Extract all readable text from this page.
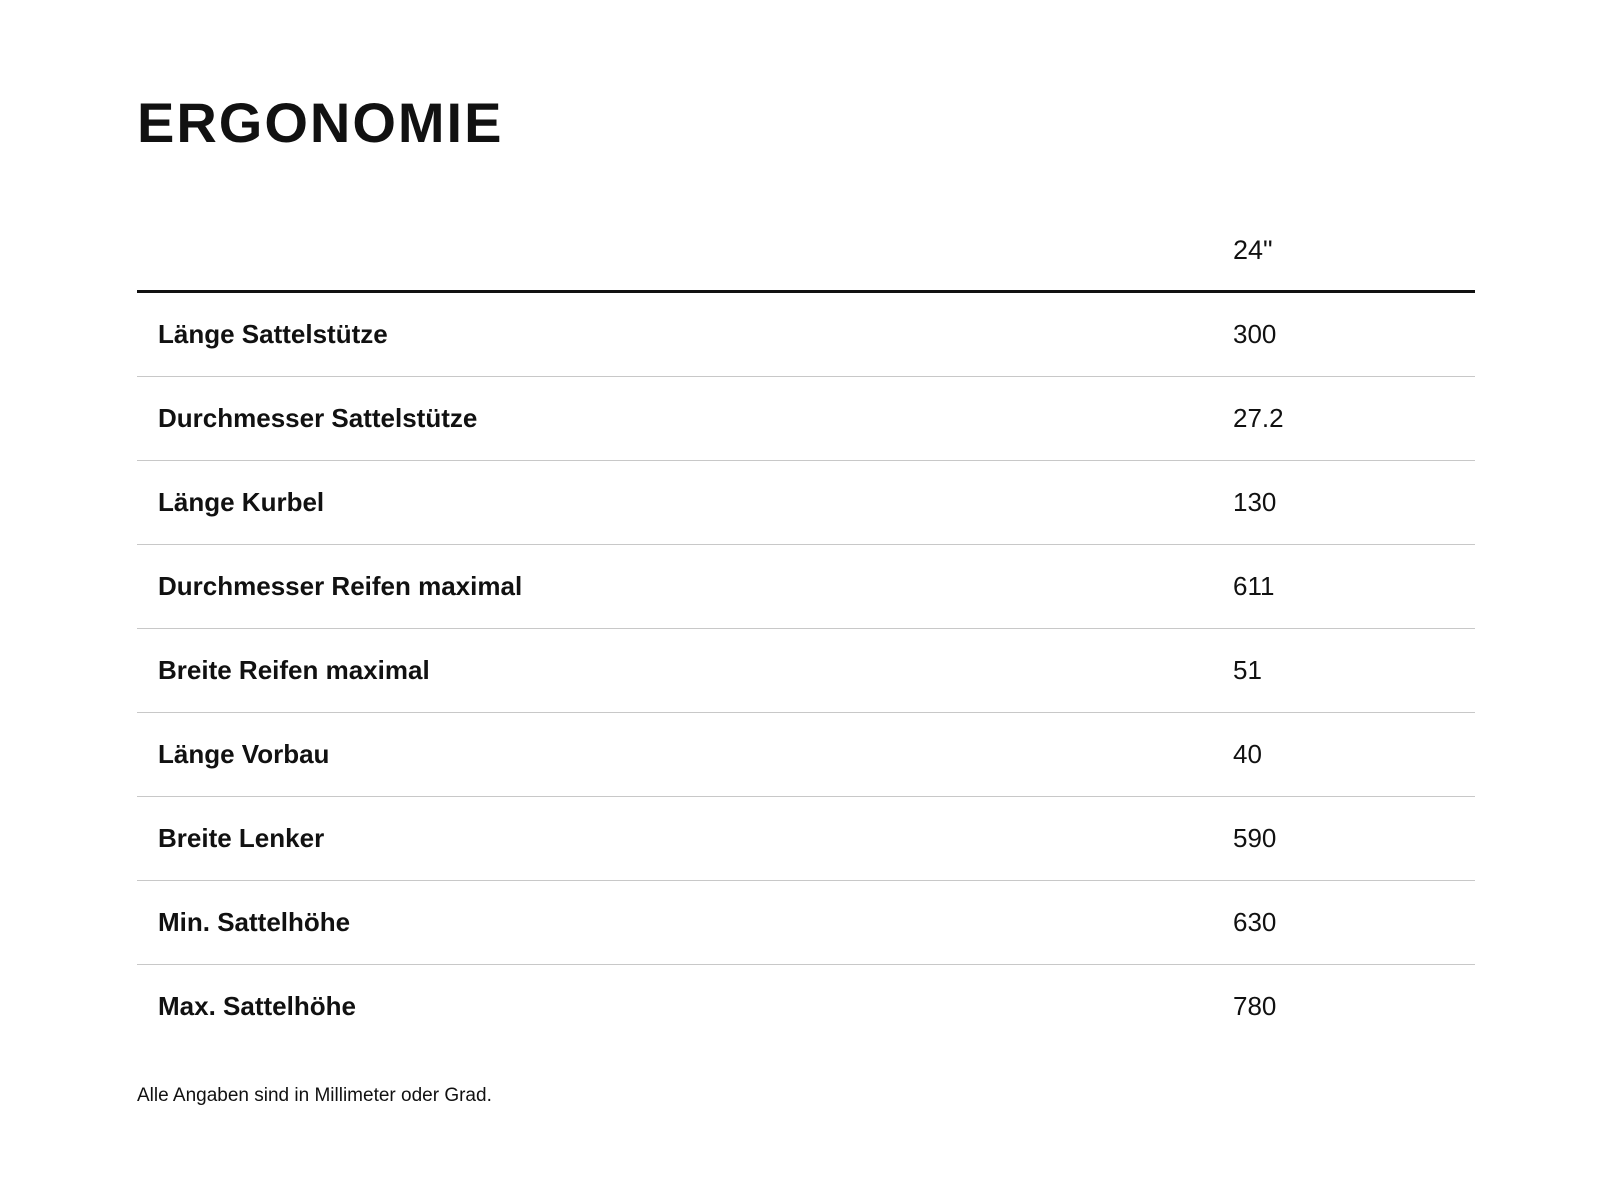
ERGONOMIE
24"
Länge Sattelstütze	300
Durchmesser Sattelstütze	27.2
Länge Kurbel	130
Durchmesser Reifen maximal	611
Breite Reifen maximal	51
Länge Vorbau	40
Breite Lenker	590
Min. Sattelhöhe	630
Max. Sattelhöhe	780
Alle Angaben sind in Millimeter oder Grad.
